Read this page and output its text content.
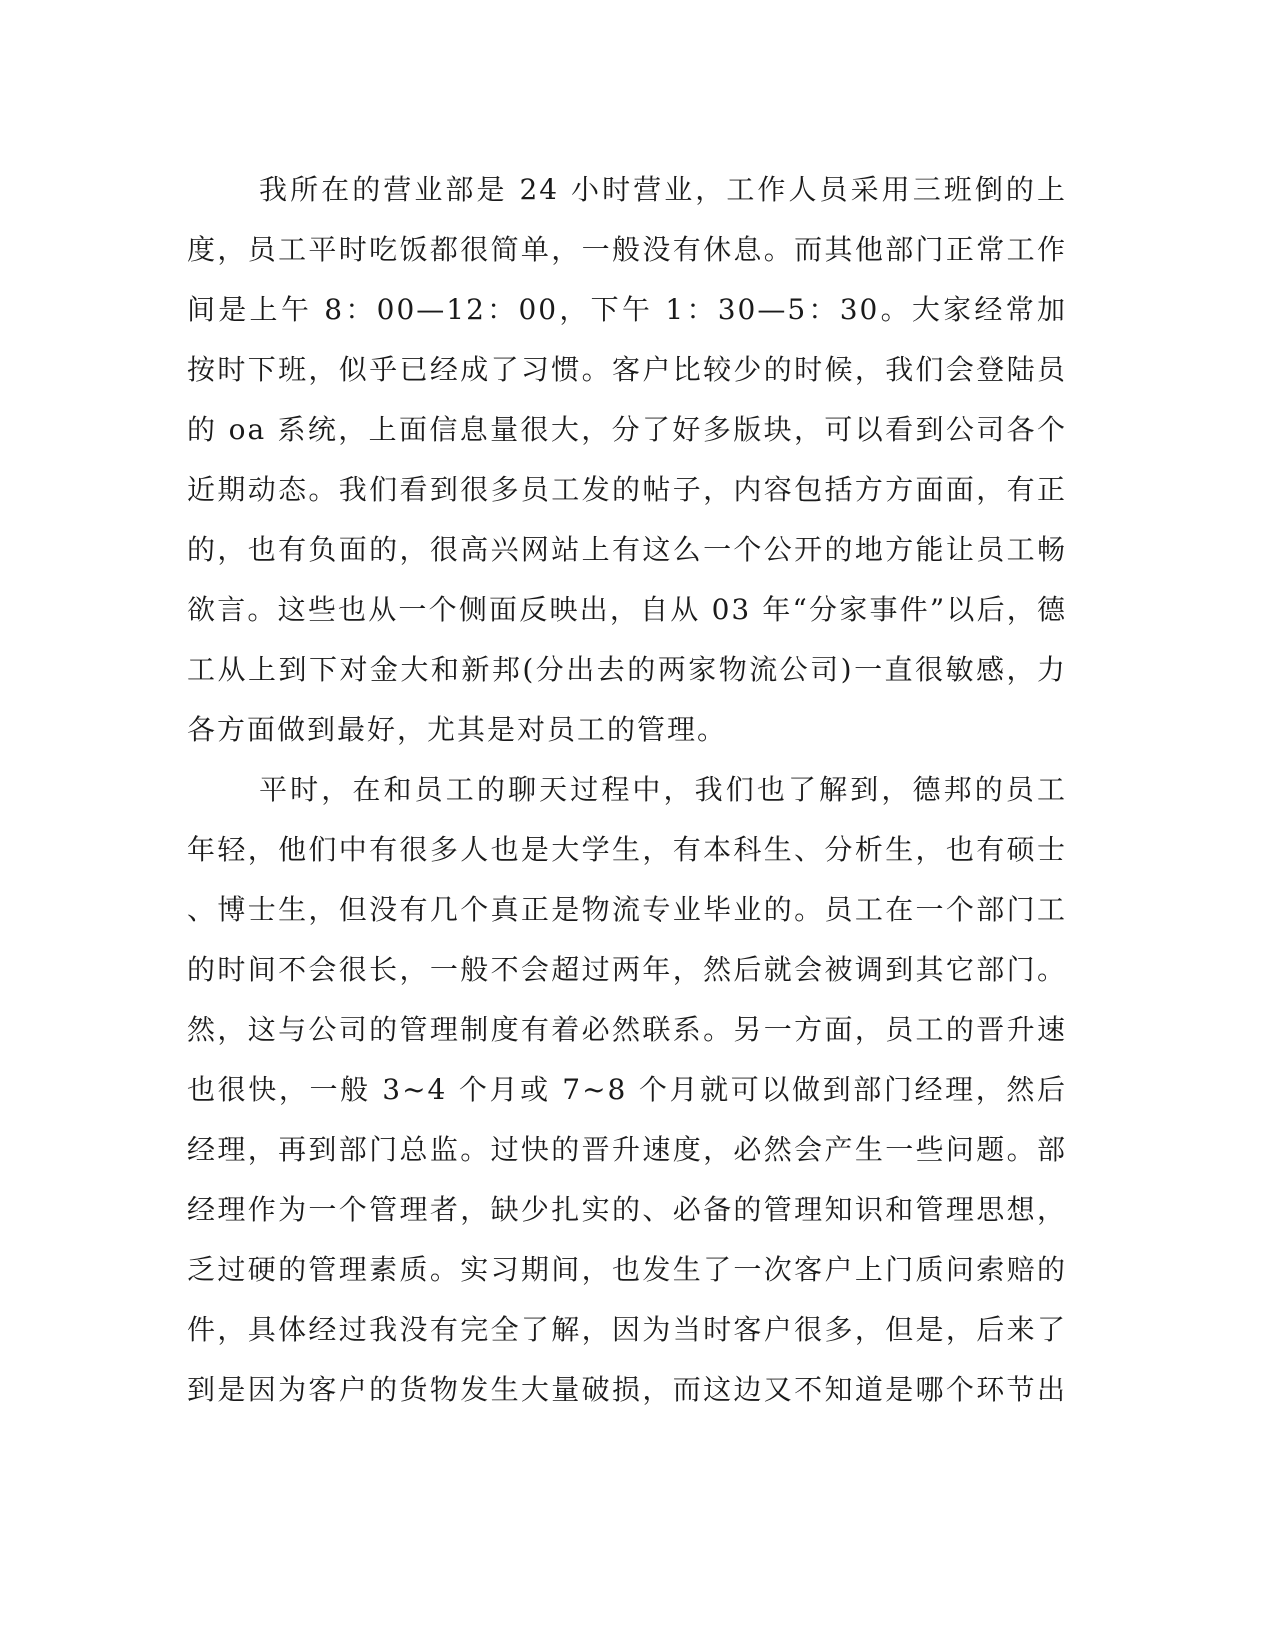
我所在的营业部是 24 小时营业，工作人员采用三班倒的上
度，员工平时吃饭都很简单，一般没有休息。而其他部门正常工作
间是上午 8：00—12：00，下午 1：30—5：30。大家经常加
按时下班，似乎已经成了习惯。客户比较少的时候，我们会登陆员
的 oa 系统，上面信息量很大，分了好多版块，可以看到公司各个
近期动态。我们看到很多员工发的帖子，内容包括方方面面，有正
的，也有负面的，很高兴网站上有这么一个公开的地方能让员工畅
欲言。这些也从一个侧面反映出，自从 03 年“分家事件”以后，德
工从上到下对金大和新邦(分出去的两家物流公司)一直很敏感，力
各方面做到最好，尤其是对员工的管理。
平时，在和员工的聊天过程中，我们也了解到，德邦的员工
年轻，他们中有很多人也是大学生，有本科生、分析生，也有硕士
、博士生，但没有几个真正是物流专业毕业的。员工在一个部门工
的时间不会很长，一般不会超过两年，然后就会被调到其它部门。
然，这与公司的管理制度有着必然联系。另一方面，员工的晋升速
也很快，一般 3~4 个月或 7~8 个月就可以做到部门经理，然后
经理，再到部门总监。过快的晋升速度，必然会产生一些问题。部
经理作为一个管理者，缺少扎实的、必备的管理知识和管理思想，
乏过硬的管理素质。实习期间，也发生了一次客户上门质问索赔的
件，具体经过我没有完全了解，因为当时客户很多，但是，后来了
到是因为客户的货物发生大量破损，而这边又不知道是哪个环节出
